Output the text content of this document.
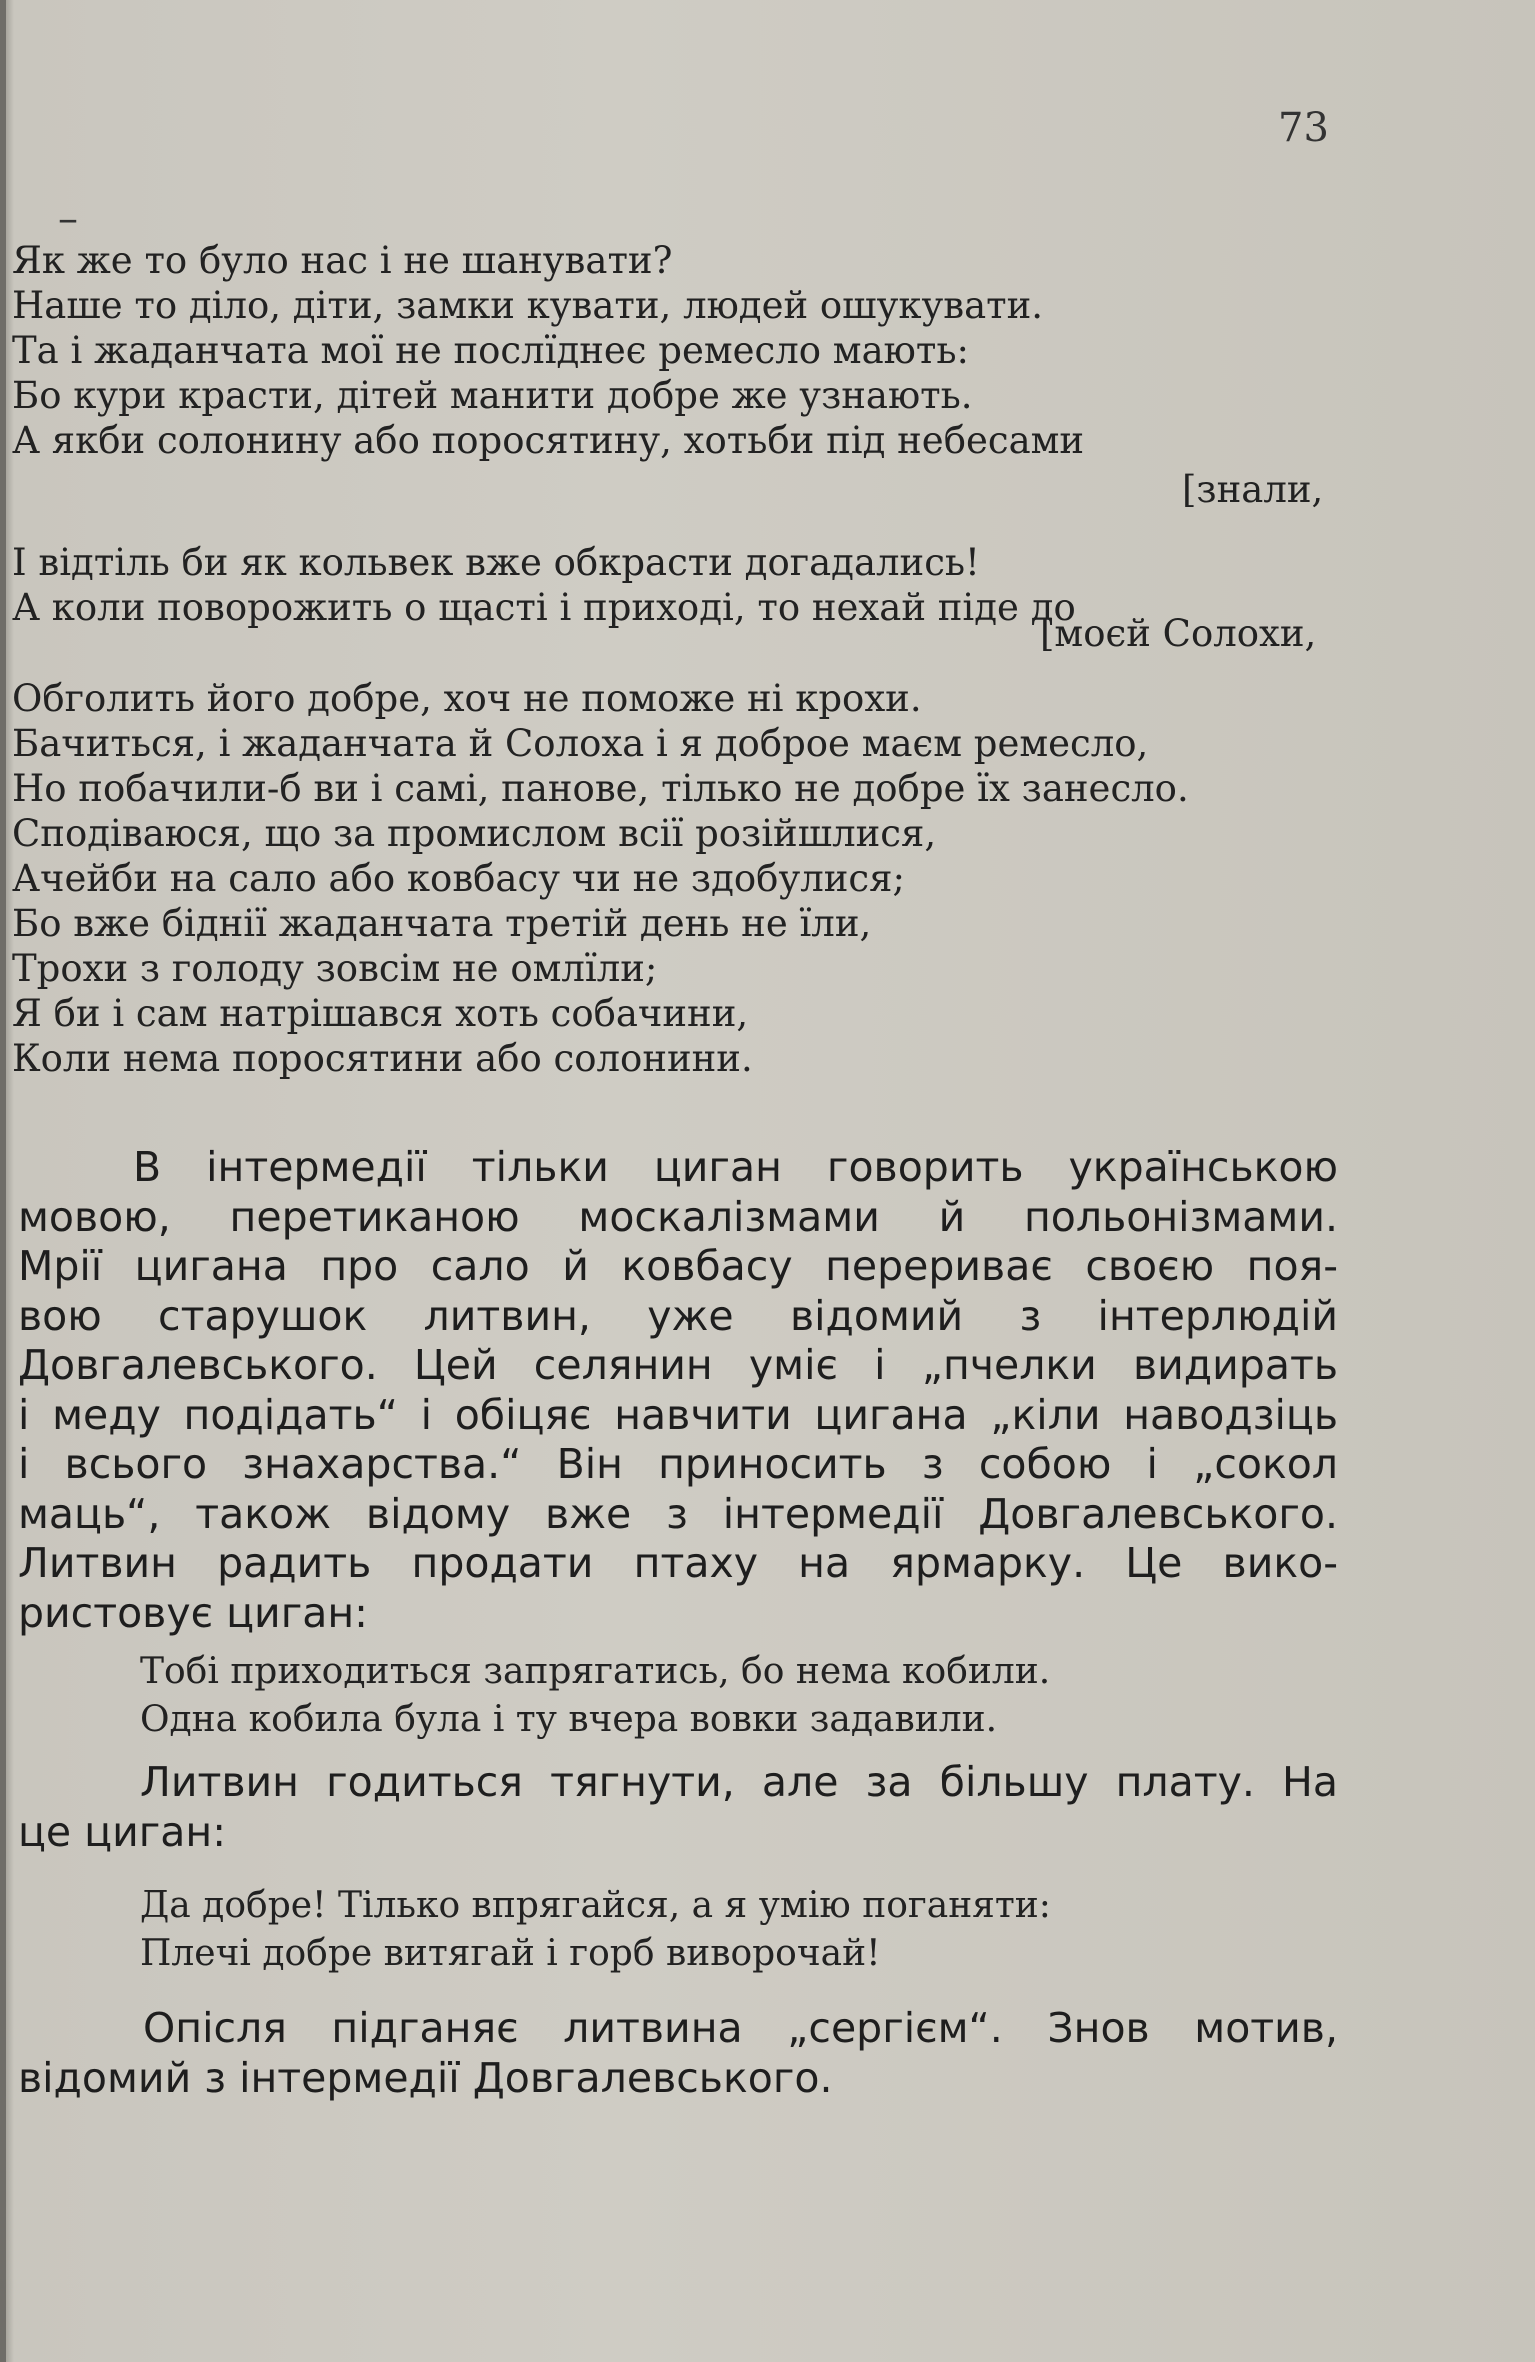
73
–
Як же то було нас і не шанувати?
Наше то діло, діти, замки кувати, людей ошукувати.
Та і жаданчата мої не послїднеє ремесло мають:
Бо кури красти, дітей манити добре же узнають.
А якби солонину або поросятину, хотьби під небесами
[знали,
І відтіль би як кольвек вже обкрасти догадались!
А коли поворожить о щасті і приході, то нехай піде до
[моєй Солохи,
Обголить його добре, хоч не поможе ні крохи.
Бачиться, і жаданчата й Солоха і я доброе маєм ремесло,
Но побачили-б ви і самі, панове, тілько не добре їх занесло.
Сподіваюся, що за промислом всії розійшлися,
Ачейби на сало або ковбасу чи не здобулися;
Бо вже біднії жаданчата третій день не їли,
Трохи з голоду зовсім не омлїли;
Я би і сам натрішався хоть собачини,
Коли нема поросятини або солонини.
В інтермедії тільки циган говорить українською
мовою, перетиканою москалізмами й польонізмами.
Мрії цигана про сало й ковбасу перериває своєю поя-
вою старушок литвин, уже відомий з інтерлюдій
Довгалевського. Цей селянин уміє і „пчелки видирать
і меду подідать“ і обіцяє навчити цигана „кіли наводзіць
і всього знахарства.“ Він приносить з собою і „сокол
маць“, також відому вже з інтермедії Довгалевського.
Литвин радить продати птаху на ярмарку. Це вико-
ристовує циган:
Тобі приходиться запрягатись, бо нема кобили.
Одна кобила була і ту вчера вовки задавили.
Литвин годиться тягнути, але за більшу плату. На
це циган:
Да добре! Тілько впрягайся, а я умію поганяти:
Плечі добре витягай і горб виворочай!
Опісля підганяє литвина „сергієм“. Знов мотив,
відомий з інтермедії Довгалевського.
